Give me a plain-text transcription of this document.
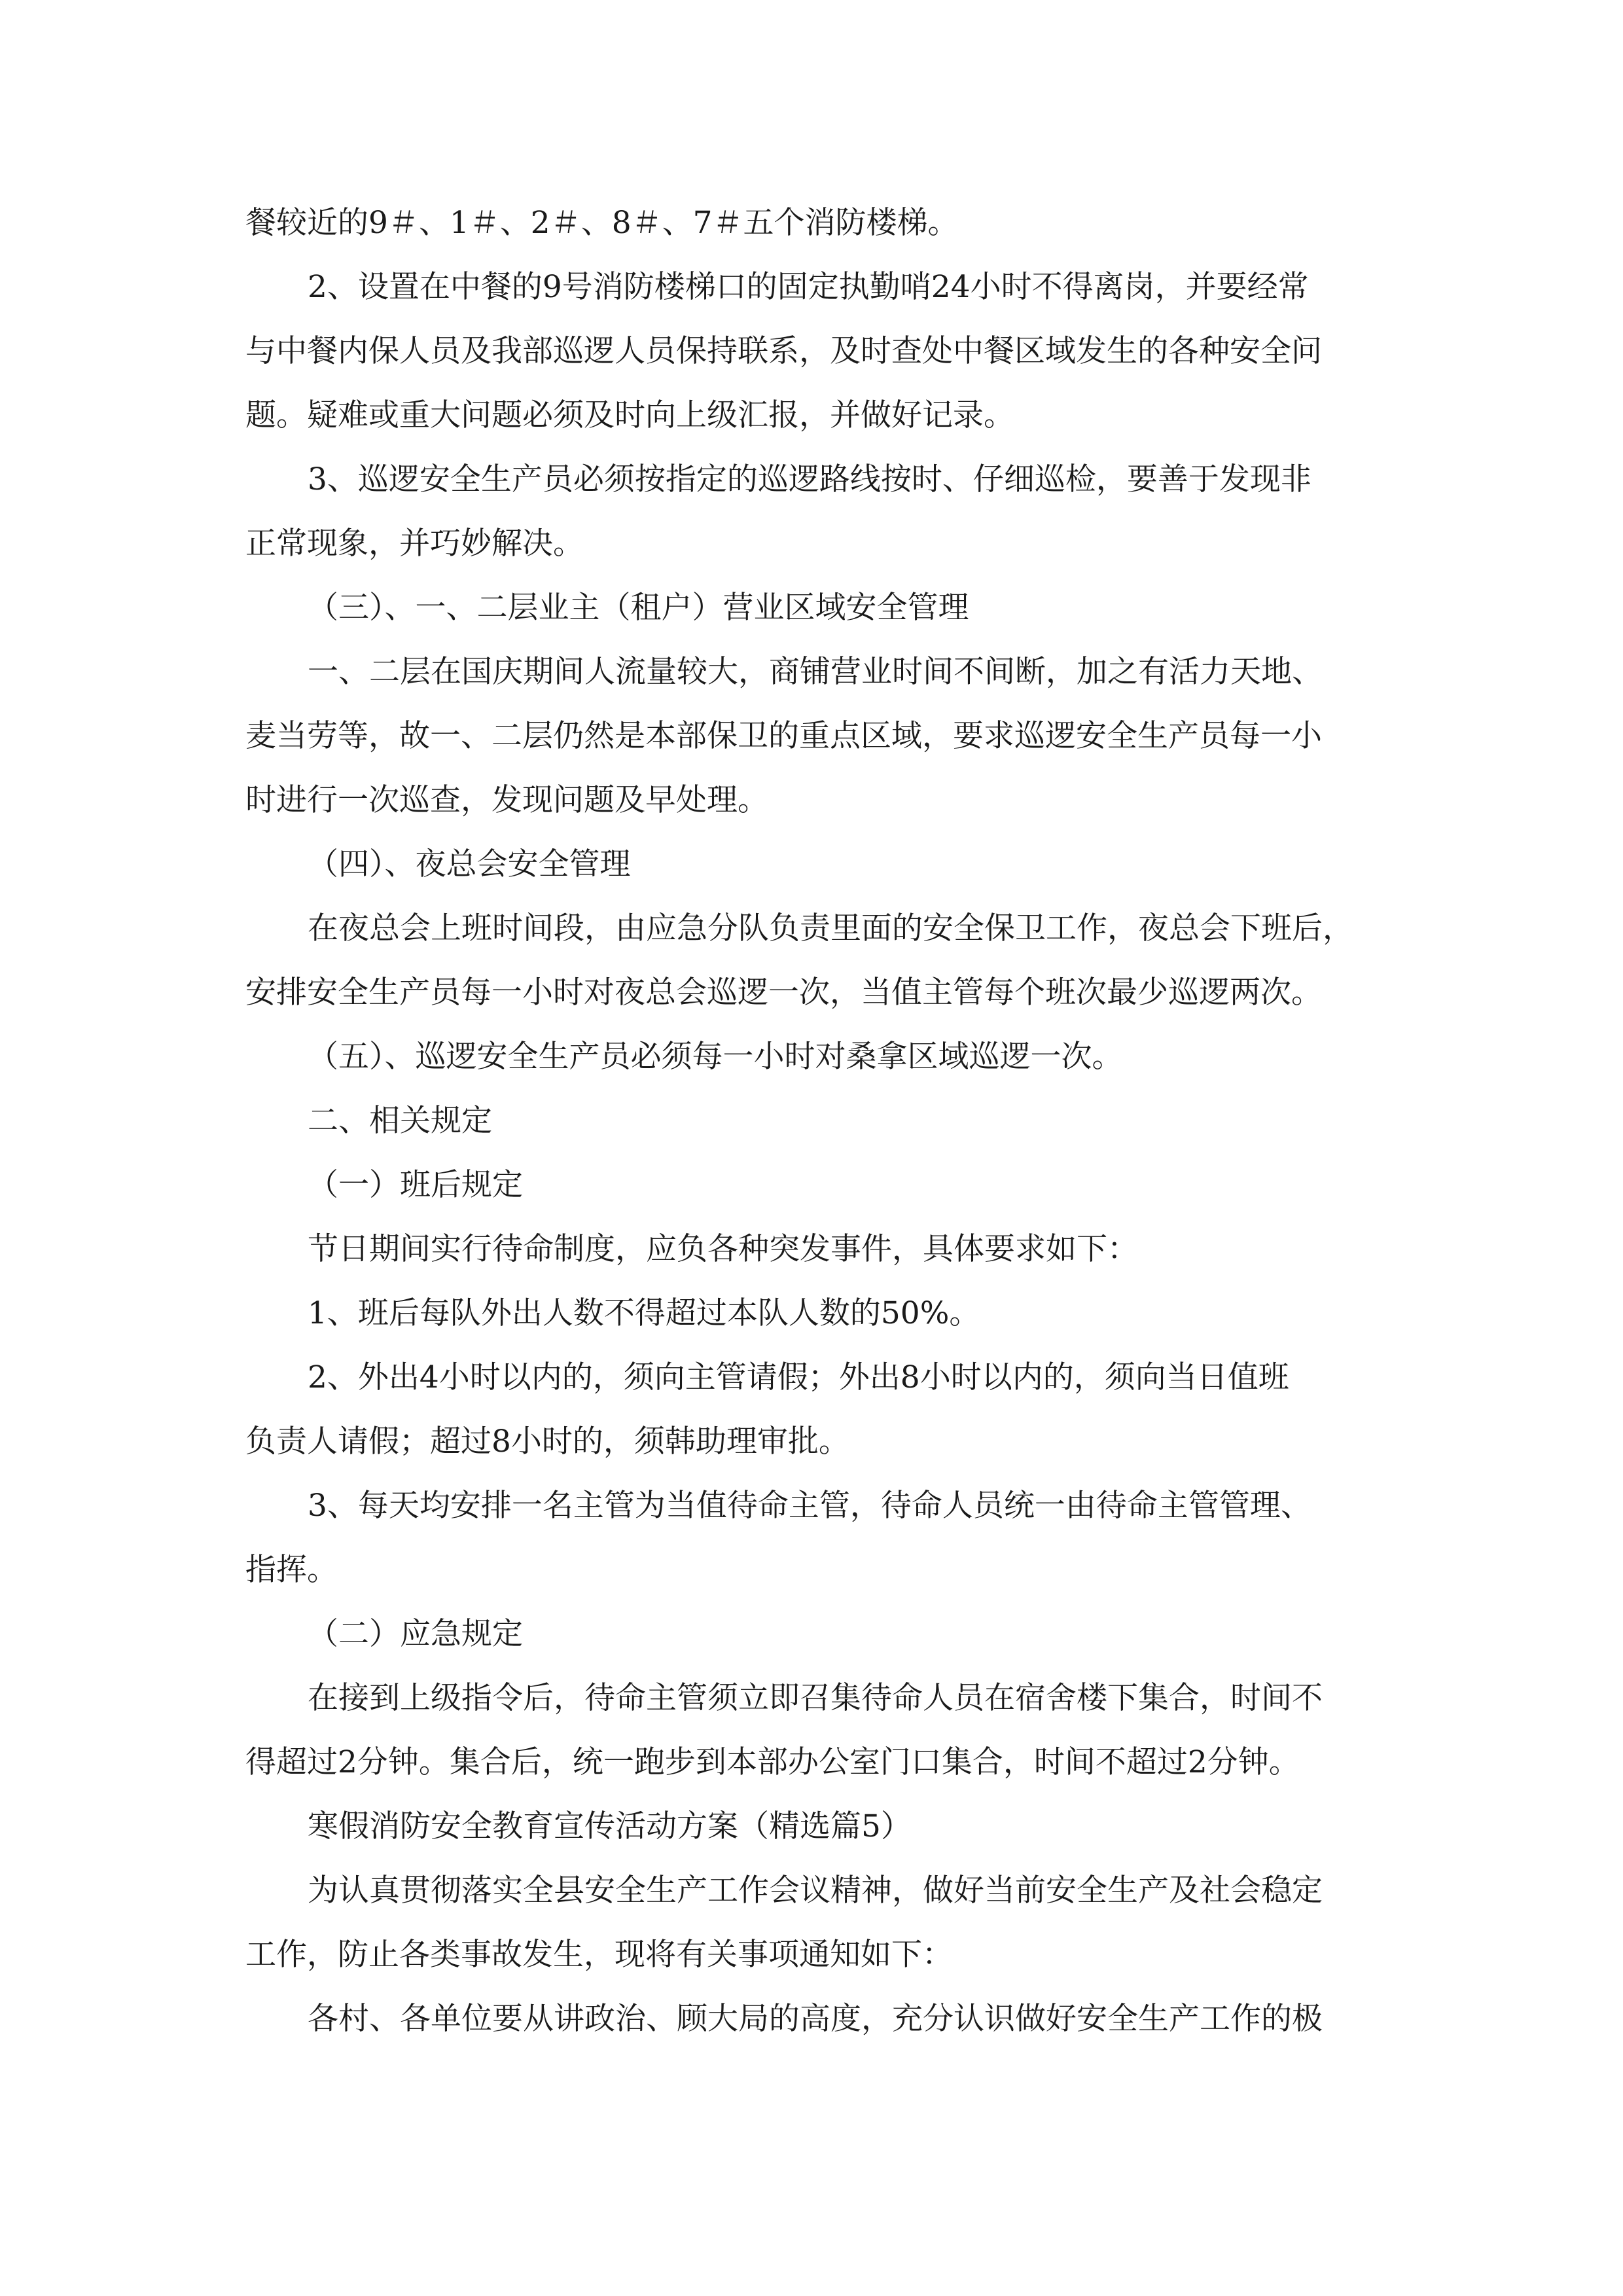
餐较近的9＃、1＃、2＃、8＃、7＃五个消防楼梯。
2、设置在中餐的9号消防楼梯口的固定执勤哨24小时不得离岗，并要经常
与中餐内保人员及我部巡逻人员保持联系，及时查处中餐区域发生的各种安全问
题。疑难或重大问题必须及时向上级汇报，并做好记录。
3、巡逻安全生产员必须按指定的巡逻路线按时、仔细巡检，要善于发现非
正常现象，并巧妙解决。
（三）、一、二层业主（租户）营业区域安全管理
一、二层在国庆期间人流量较大，商铺营业时间不间断，加之有活力天地、
麦当劳等，故一、二层仍然是本部保卫的重点区域，要求巡逻安全生产员每一小
时进行一次巡查，发现问题及早处理。
（四）、夜总会安全管理
在夜总会上班时间段，由应急分队负责里面的安全保卫工作，夜总会下班后，
安排安全生产员每一小时对夜总会巡逻一次，当值主管每个班次最少巡逻两次。
（五）、巡逻安全生产员必须每一小时对桑拿区域巡逻一次。
二、相关规定
（一）班后规定
节日期间实行待命制度，应负各种突发事件，具体要求如下：
1、班后每队外出人数不得超过本队人数的50%。
2、外出4小时以内的，须向主管请假；外出8小时以内的，须向当日值班
负责人请假；超过8小时的，须韩助理审批。
3、每天均安排一名主管为当值待命主管，待命人员统一由待命主管管理、
指挥。
（二）应急规定
在接到上级指令后，待命主管须立即召集待命人员在宿舍楼下集合，时间不
得超过2分钟。集合后，统一跑步到本部办公室门口集合，时间不超过2分钟。
寒假消防安全教育宣传活动方案（精选篇5）
为认真贯彻落实全县安全生产工作会议精神，做好当前安全生产及社会稳定
工作，防止各类事故发生，现将有关事项通知如下：
各村、各单位要从讲政治、顾大局的高度，充分认识做好安全生产工作的极
